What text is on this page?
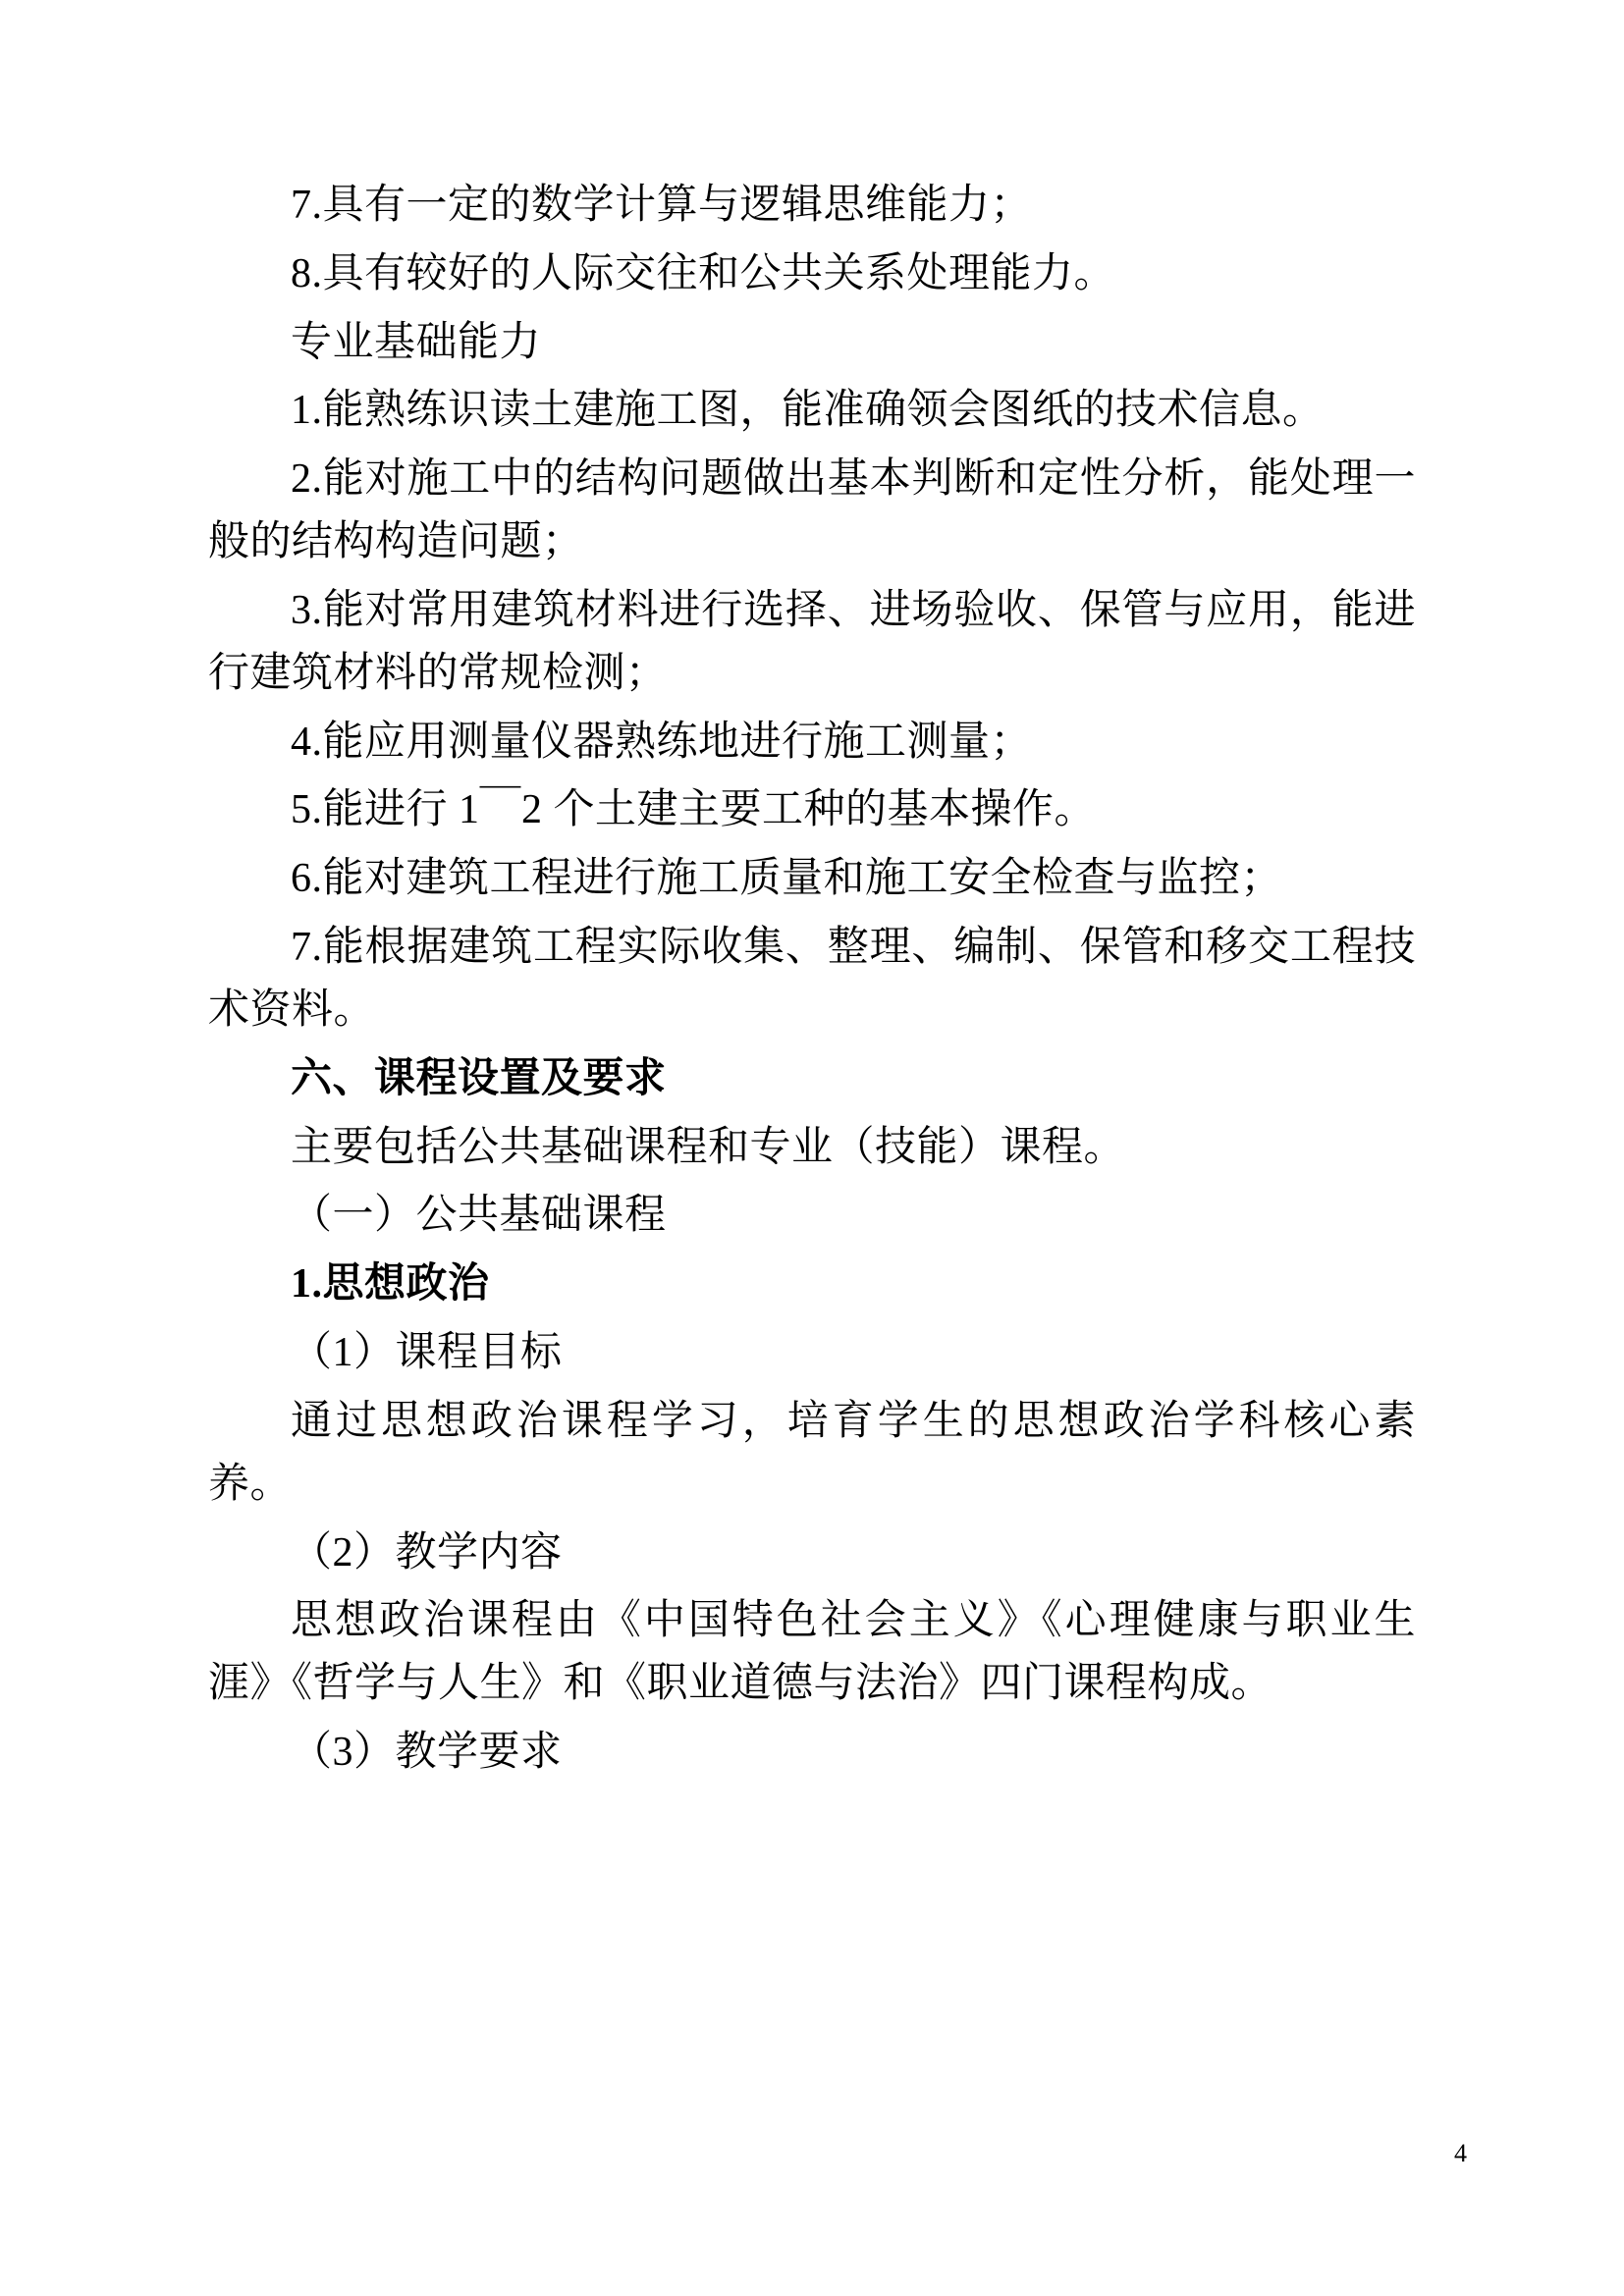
7.具有一定的数学计算与逻辑思维能力；

8.具有较好的人际交往和公共关系处理能力。

专业基础能力

1.能熟练识读土建施工图，能准确领会图纸的技术信息。

2.能对施工中的结构问题做出基本判断和定性分析，能处理一般的结构构造问题；

3.能对常用建筑材料进行选择、进场验收、保管与应用，能进行建筑材料的常规检测；

4.能应用测量仪器熟练地进行施工测量；

5.能进行 1￣2 个土建主要工种的基本操作。

6.能对建筑工程进行施工质量和施工安全检查与监控；

7.能根据建筑工程实际收集、整理、编制、保管和移交工程技术资料。

六、课程设置及要求

主要包括公共基础课程和专业（技能）课程。

（一）公共基础课程

1.思想政治

（1）课程目标

通过思想政治课程学习，培育学生的思想政治学科核心素养。

（2）教学内容

思想政治课程由《中国特色社会主义》《心理健康与职业生涯》《哲学与人生》和《职业道德与法治》四门课程构成。

（3）教学要求

4
